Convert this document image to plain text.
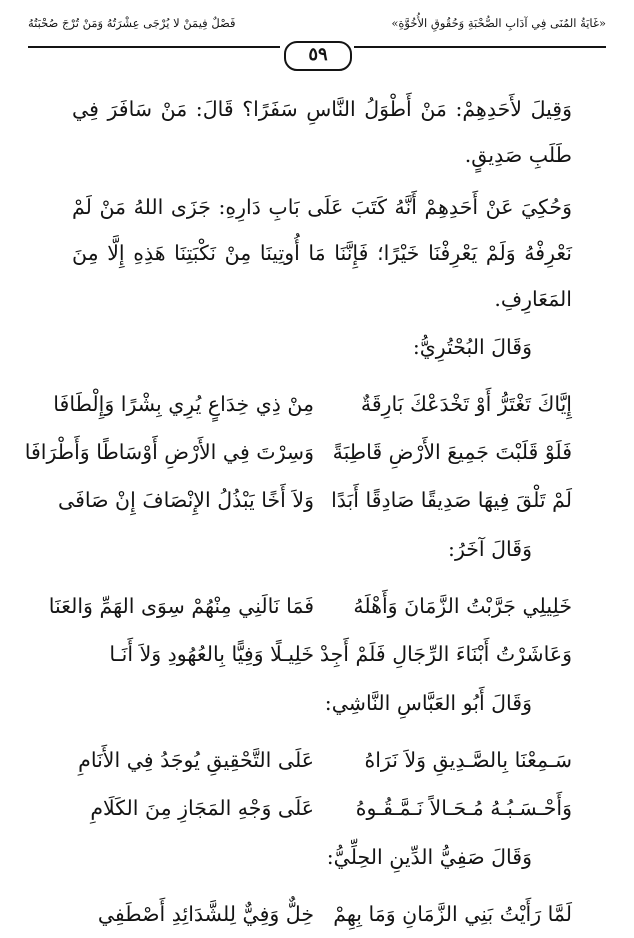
«غَايَةُ المُنَى فِي آدَابِ الصُّحْبَةِ وَحُقُوقِ الأُخُوَّةِ»
فَصْلٌ فِيمَنْ لا يُرْجَى عِشْرَتُهُ وَمَنْ تُرْجَ صُحْبَتُهُ
٥٩

وَقِيلَ لأَحَدِهِمْ: مَنْ أَطْوَلُ النَّاسِ سَفَرًا؟ قَالَ: مَنْ سَافَرَ فِي طَلَبِ صَدِيقٍ.

وَحُكِيَ عَنْ أَحَدِهِمْ أَنَّهُ كَتَبَ عَلَى بَابِ دَارِهِ: جَزَى اللهُ مَنْ لَمْ نَعْرِفْهُ وَلَمْ يَعْرِفْنَا خَيْرًا؛ فَإِنَّنَا مَا أُوتِينَا مِنْ نَكْبَتِنَا هَذِهِ إِلَّا مِنَ المَعَارِفِ.

وَقَالَ البُحْتُرِيُّ:
إِيَّاكَ تَغْتَرُّ أَوْ تَخْدَعْكَ بَارِقَةٌ
مِنْ ذِي خِدَاعٍ يُرِي بِشْرًا وَإِلْطَافَا
فَلَوْ قَلَبْتَ جَمِيعَ الأَرْضِ قَاطِبَةً
وَسِرْتَ فِي الأَرْضِ أَوْسَاطًا وَأَطْرَافَا
لَمْ تَلْقَ فِيهَا صَدِيقًا صَادِقًا أَبَدًا
وَلاَ أَخًا يَبْذُلُ الإِنْصَافَ إِنْ صَافَى
وَقَالَ آخَرُ:
خَلِيلِي جَرَّبْتُ الزَّمَانَ وَأَهْلَهُ
فَمَا نَالَنِي مِنْهُمْ سِوَى الهَمِّ وَالعَنَا
وَعَاشَرْتُ أَبْنَاءَ الرِّجَالِ فَلَمْ أَجِدْ
خَلِيـلًا وَفِيًّا بِالعُهُودِ وَلاَ أَنَـا
وَقَالَ أَبُو العَبَّاسِ النَّاشِي:
سَـمِعْنَا بِالصَّـدِيقِ وَلاَ نَرَاهُ
عَلَى التَّحْقِيقِ يُوجَدُ فِي الأَنَامِ
وَأَحْـسَـبُـهُ مُـحَـالاً نَـمَّـقُـوهُ
عَلَى وَجْهِ المَجَازِ مِنَ الكَلَامِ
وَقَالَ صَفِيُّ الدِّينِ الحِلِّيُّ:
لَمَّا رَأَيْتُ بَنِي الزَّمَانِ وَمَا بِهِمْ
خِلٌّ وَفِيٌّ لِلشَّدَائِدِ أَصْطَفِي
